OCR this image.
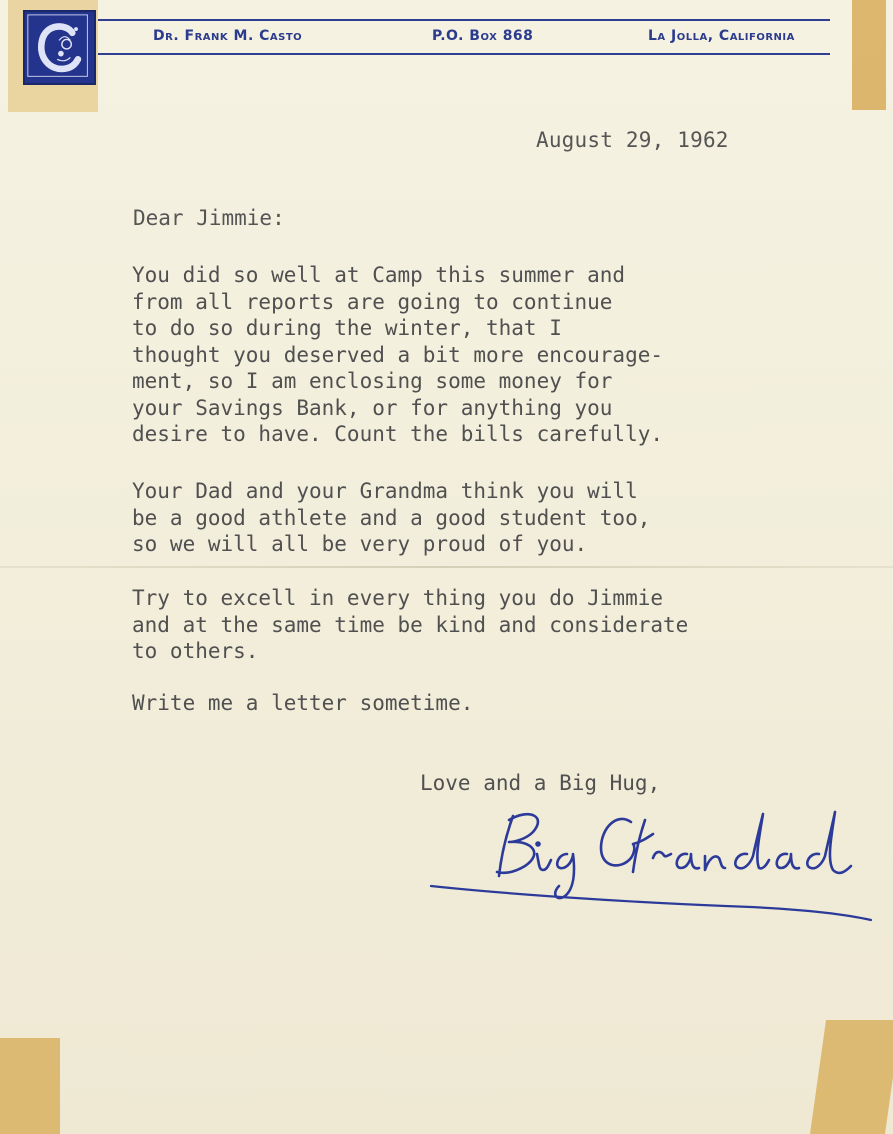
Dr. Frank M. Casto	P.O. Box 868	La Jolla, California
August 29, 1962
Dear Jimmie:
You did so well at Camp this summer and
from all reports are going to continue
to do so during the winter, that I
thought you deserved a bit more encourage-
ment, so I am enclosing some money for
your Savings Bank, or for anything you
desire to have. Count the bills carefully.
Your Dad and your Grandma think you will
be a good athlete and a good student too,
so we will all be very proud of you.
Try to excell in every thing you do Jimmie
and at the same time be kind and considerate
to others.
Write me a letter sometime.
Love and a Big Hug,
